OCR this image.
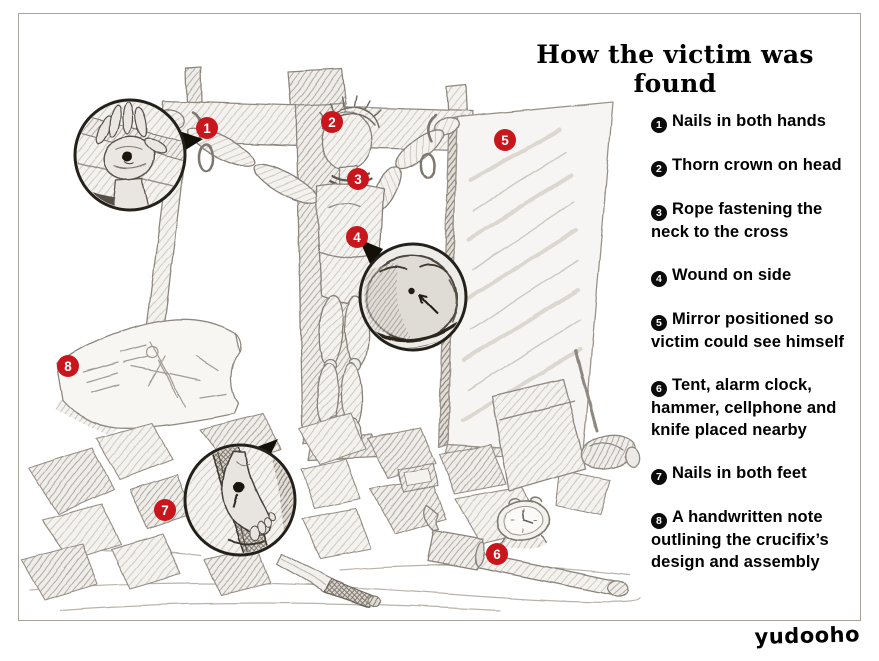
How the victim was found
1 Nails in both hands
2 Thorn crown on head
3 Rope fastening the neck to the cross
4 Wound on side
5 Mirror positioned so victim could see himself
6 Tent, alarm clock, hammer, cellphone and knife placed nearby
7 Nails in both feet
8 A handwritten note outlining the crucifix’s design and assembly
1	2
3
4
5
6
7
8
yudooho
